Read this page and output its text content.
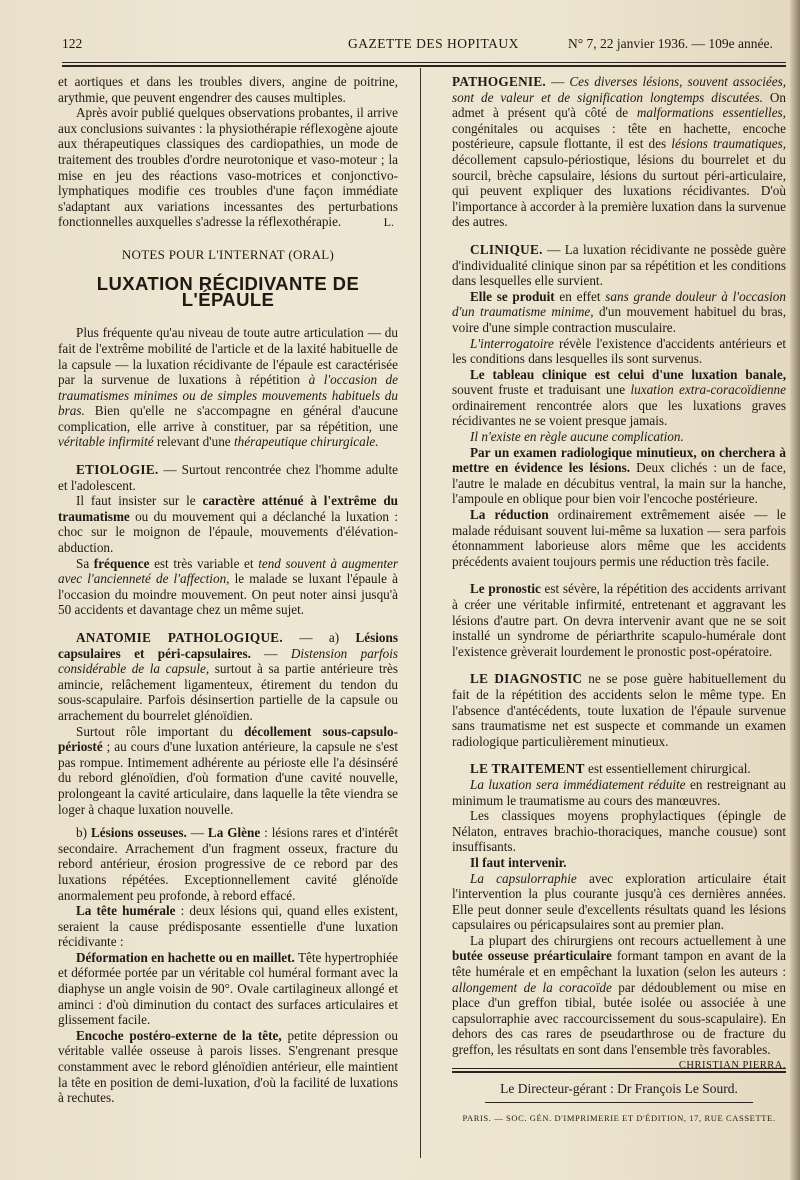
122	GAZETTE DES HOPITAUX	N° 7, 22 janvier 1936. — 109e année.

et aortiques et dans les troubles divers, angine de poitrine, arythmie, que peuvent engendrer des causes multiples.

Après avoir publié quelques observations probantes, il arrive aux conclusions suivantes : la physiothérapie réflexogène ajoute aux thérapeutiques classiques des cardiopathies, un mode de traitement des troubles d'ordre neurotonique et vaso-moteur ; la mise en jeu des réactions vaso-motrices et conjonctivo-lymphatiques modifie ces troubles d'une façon immédiate s'adaptant aux variations incessantes des perturbations fonctionnelles auxquelles s'adresse la réflexothérapie.	L.
NOTES POUR L'INTERNAT (ORAL)
LUXATION RÉCIDIVANTE DE L'ÉPAULE

Plus fréquente qu'au niveau de toute autre articulation — du fait de l'extrême mobilité de l'article et de la laxité habituelle de la capsule — la luxation récidivante de l'épaule est caractérisée par la survenue de luxations à répétition à l'occasion de traumatismes minimes ou de simples mouvements habituels du bras. Bien qu'elle ne s'accompagne en général d'aucune complication, elle arrive à constituer, par sa répétition, une véritable infirmité relevant d'une thérapeutique chirurgicale.

ETIOLOGIE. — Surtout rencontrée chez l'homme adulte et l'adolescent.

Il faut insister sur le caractère atténué à l'extrême du traumatisme ou du mouvement qui a déclanché la luxation : choc sur le moignon de l'épaule, mouvements d'élévation-abduction.

Sa fréquence est très variable et tend souvent à augmenter avec l'ancienneté de l'affection, le malade se luxant l'épaule à l'occasion du moindre mouvement. On peut noter ainsi jusqu'à 50 accidents et davantage chez un même sujet.

ANATOMIE PATHOLOGIQUE. — a) Lésions capsulaires et péri-capsulaires. — Distension parfois considérable de la capsule, surtout à sa partie antérieure très amincie, relâchement ligamenteux, étirement du tendon du sous-scapulaire. Parfois désinsertion partielle de la capsule ou arrachement du bourrelet glénoïdien.

Surtout rôle important du décollement sous-capsulo-périosté ; au cours d'une luxation antérieure, la capsule ne s'est pas rompue. Intimement adhérente au périoste elle l'a désinséré du rebord glénoïdien, d'où formation d'une cavité nouvelle, prolongeant la cavité articulaire, dans laquelle la tête viendra se loger à chaque luxation nouvelle.

b) Lésions osseuses. — La Glène : lésions rares et d'intérêt secondaire. Arrachement d'un fragment osseux, fracture du rebord antérieur, érosion progressive de ce rebord par des luxations répétées. Exceptionnellement cavité glénoïde anormalement peu profonde, à rebord effacé.

La tête humérale : deux lésions qui, quand elles existent, seraient la cause prédisposante essentielle d'une luxation récidivante :

Déformation en hachette ou en maillet. Tête hypertrophiée et déformée portée par un véritable col huméral formant avec la diaphyse un angle voisin de 90°. Ovale cartilagineux allongé et aminci : d'où diminution du contact des surfaces articulaires et glissement facile.

Encoche postéro-externe de la tête, petite dépression ou véritable vallée osseuse à parois lisses. S'engrenant presque constamment avec le rebord glénoïdien antérieur, elle maintient la tête en position de demi-luxation, d'où la facilité de luxations à rechutes.

PATHOGENIE. — Ces diverses lésions, souvent associées, sont de valeur et de signification longtemps discutées. On admet à présent qu'à côté de malformations essentielles, congénitales ou acquises : tête en hachette, encoche postérieure, capsule flottante, il est des lésions traumatiques, décollement capsulo-périostique, lésions du bourrelet et du sourcil, brèche capsulaire, lésions du surtout péri-articulaire, qui peuvent expliquer des luxations récidivantes. D'où l'importance à accorder à la première luxation dans la survenue des autres.

CLINIQUE. — La luxation récidivante ne possède guère d'individualité clinique sinon par sa répétition et les conditions dans lesquelles elle survient.

Elle se produit en effet sans grande douleur à l'occasion d'un traumatisme minime, d'un mouvement habituel du bras, voire d'une simple contraction musculaire.

L'interrogatoire révèle l'existence d'accidents antérieurs et les conditions dans lesquelles ils sont survenus.

Le tableau clinique est celui d'une luxation banale, souvent fruste et traduisant une luxation extra-coracoïdienne ordinairement rencontrée alors que les luxations graves récidivantes ne se voient presque jamais.

Il n'existe en règle aucune complication.

Par un examen radiologique minutieux, on cherchera à mettre en évidence les lésions. Deux clichés : un de face, l'autre le malade en décubitus ventral, la main sur la hanche, l'ampoule en oblique pour bien voir l'encoche postérieure.

La réduction ordinairement extrêmement aisée — le malade réduisant souvent lui-même sa luxation — sera parfois étonnamment laborieuse alors même que les accidents précédents avaient toujours permis une réduction très facile.

Le pronostic est sévère, la répétition des accidents arrivant à créer une véritable infirmité, entretenant et aggravant les lésions d'autre part. On devra intervenir avant que ne se soit installé un syndrome de périarthrite scapulo-humérale dont l'existence grèverait lourdement le pronostic post-opératoire.

LE DIAGNOSTIC ne se pose guère habituellement du fait de la répétition des accidents selon le même type. En l'absence d'antécédents, toute luxation de l'épaule survenue sans traumatisme net est suspecte et commande un examen radiologique particulièrement minutieux.

LE TRAITEMENT est essentiellement chirurgical.

La luxation sera immédiatement réduite en restreignant au minimum le traumatisme au cours des manœuvres.

Les classiques moyens prophylactiques (épingle de Nélaton, entraves brachio-thoraciques, manche cousue) sont insuffisants.

Il faut intervenir.

La capsulorraphie avec exploration articulaire était l'intervention la plus courante jusqu'à ces dernières années. Elle peut donner seule d'excellents résultats quand les lésions capsulaires ou péricapsulaires sont au premier plan.

La plupart des chirurgiens ont recours actuellement à une butée osseuse préarticulaire formant tampon en avant de la tête humérale et en empêchant la luxation (selon les auteurs : allongement de la coracoïde par dédoublement ou mise en place d'un greffon tibial, butée isolée ou associée à une capsulorraphie avec raccourcissement du sous-scapulaire). En dehors des cas rares de pseudarthrose ou de fracture du greffon, les résultats en sont dans l'ensemble très favorables.
CHRISTIAN PIERRA.

Le Directeur-gérant : Dr François Le Sourd.
PARIS. — SOC. GÉN. D'IMPRIMERIE ET D'ÉDITION, 17, RUE CASSETTE.
